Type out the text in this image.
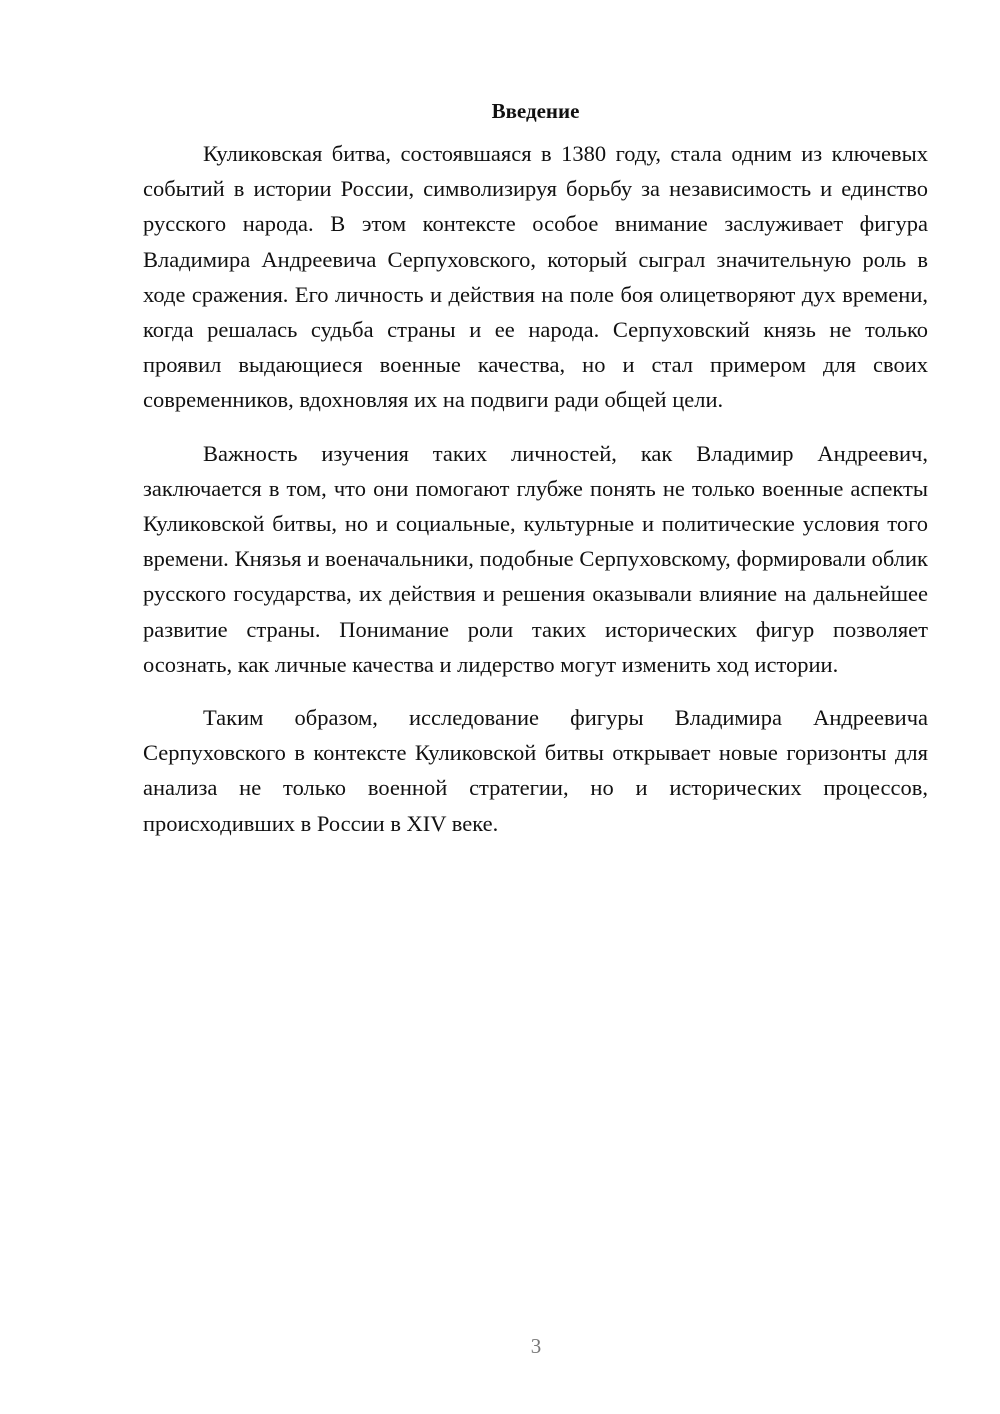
Введение

Куликовская битва, состоявшаяся в 1380 году, стала одним из ключевых событий в истории России, символизируя борьбу за независимость и единство русского народа. В этом контексте особое внимание заслуживает фигура Владимира Андреевича Серпуховского, который сыграл значительную роль в ходе сражения. Его личность и действия на поле боя олицетворяют дух времени, когда решалась судьба страны и ее народа. Серпуховский князь не только проявил выдающиеся военные качества, но и стал примером для своих современников, вдохновляя их на подвиги ради общей цели.

Важность изучения таких личностей, как Владимир Андреевич, заключается в том, что они помогают глубже понять не только военные аспекты Куликовской битвы, но и социальные, культурные и политические условия того времени. Князья и военачальники, подобные Серпуховскому, формировали облик русского государства, их действия и решения оказывали влияние на дальнейшее развитие страны. Понимание роли таких исторических фигур позволяет осознать, как личные качества и лидерство могут изменить ход истории.

Таким образом, исследование фигуры Владимира Андреевича Серпуховского в контексте Куликовской битвы открывает новые горизонты для анализа не только военной стратегии, но и исторических процессов, происходивших в России в XIV веке.

3
